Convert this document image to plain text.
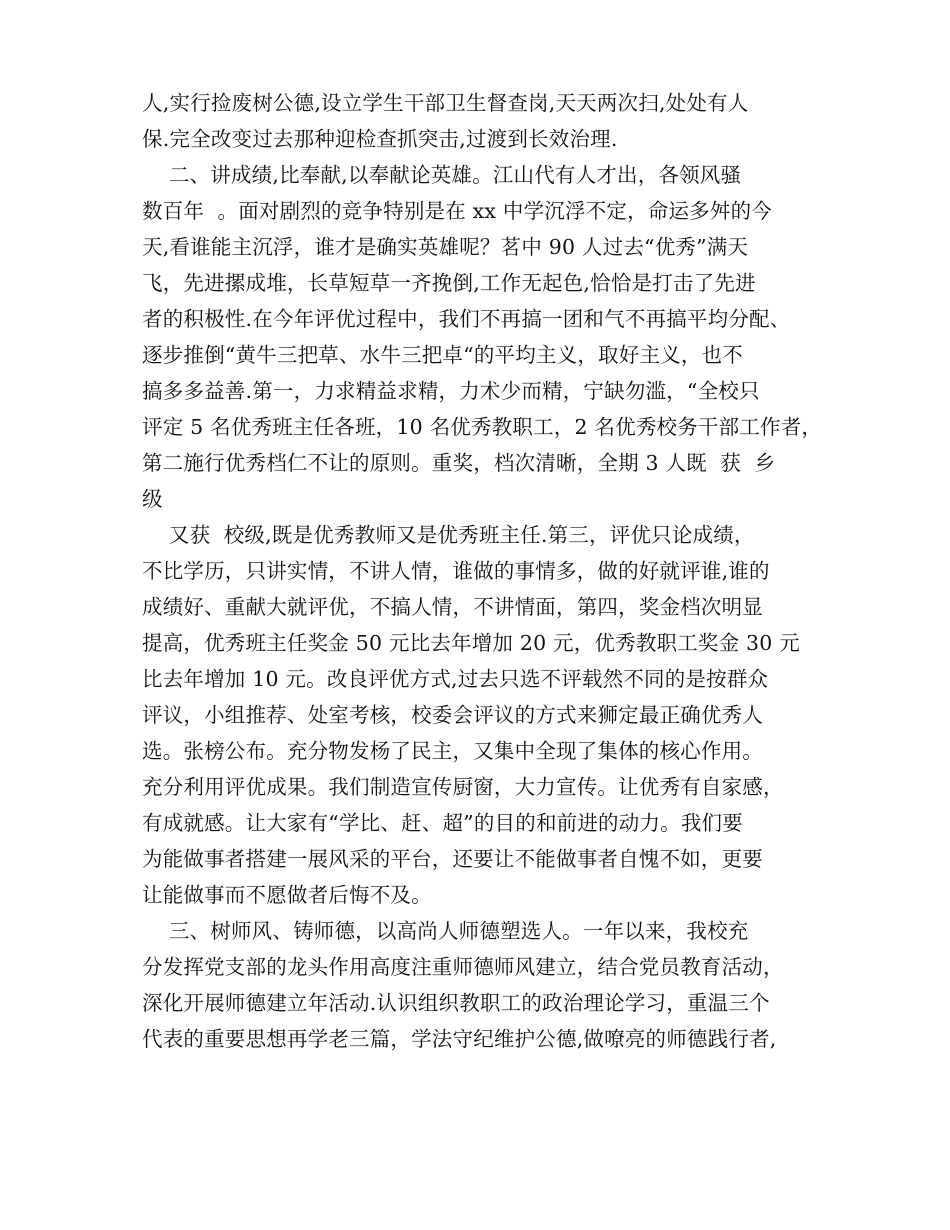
人,实行捡废树公德,设立学生干部卫生督查岗,天天两次扫,处处有人
保.完全改变过去那种迎检查抓突击,过渡到长效治理.
二、讲成绩,比奉献,以奉献论英雄。江山代有人才出，各领风骚
数百年  。面对剧烈的竞争特别是在 xx 中学沉浮不定，命运多舛的今
天,看谁能主沉浮，谁才是确实英雄呢？茗中 90 人过去“优秀”满天
飞，先进摞成堆，长草短草一齐挽倒,工作无起色,恰恰是打击了先进
者的积极性.在今年评优过程中，我们不再搞一团和气不再搞平均分配、
逐步推倒“黄牛三把草、水牛三把卓“的平均主义，取好主义，也不
搞多多益善.第一，力求精益求精，力术少而精，宁缺勿滥，“全校只
评定 5 名优秀班主任各班，10 名优秀教职工，2 名优秀校务干部工作者，
第二施行优秀档仁不让的原则。重奖，档次清晰，全期 3 人既  获  乡
级
又获  校级,既是优秀教师又是优秀班主任.第三，评优只论成绩，
不比学历，只讲实情，不讲人情，谁做的事情多，做的好就评谁,谁的
成绩好、重献大就评优，不搞人情，不讲情面，第四，奖金档次明显
提高，优秀班主任奖金 50 元比去年增加 20 元，优秀教职工奖金 30 元
比去年增加 10 元。改良评优方式,过去只选不评载然不同的是按群众
评议，小组推荐、处室考核，校委会评议的方式来狮定最正确优秀人
选。张榜公布。充分物发杨了民主，又集中全现了集体的核心作用。
充分利用评优成果。我们制造宣传厨窗，大力宣传。让优秀有自家感，
有成就感。让大家有“学比、赶、超”的目的和前进的动力。我们要
为能做事者搭建一展风采的平台，还要让不能做事者自愧不如，更要
让能做事而不愿做者后悔不及。
三、树师风、铸师德，以高尚人师德塑选人。一年以来，我校充
分发挥党支部的龙头作用高度注重师德师风建立，结合党员教育活动，
深化开展师德建立年活动.认识组织教职工的政治理论学习，重温三个
代表的重要思想再学老三篇，学法守纪维护公德,做嘹亮的师德践行者,
